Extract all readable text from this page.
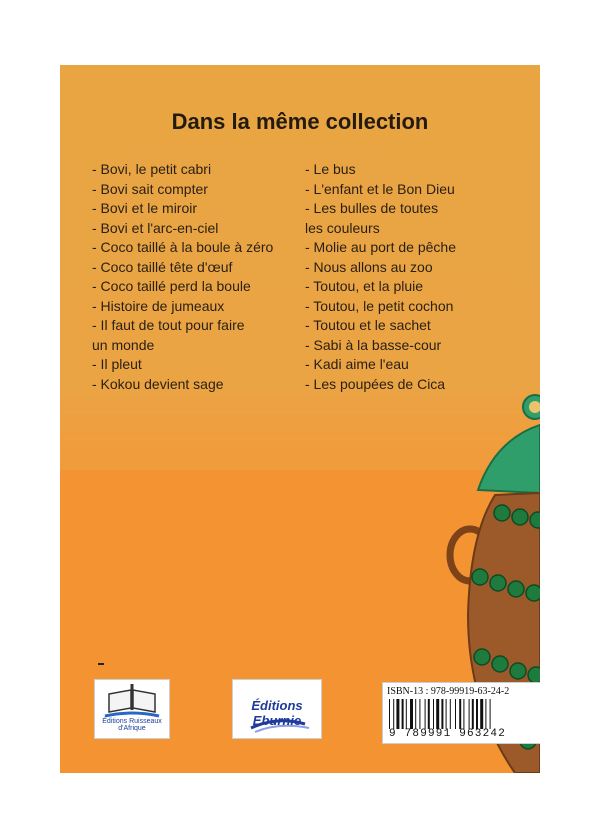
Dans la même collection
- Bovi, le petit cabri
- Bovi sait compter
- Bovi et le miroir
- Bovi et l'arc-en-ciel
- Coco taillé à la boule à zéro
- Coco taillé tête d'œuf
- Coco taillé perd la boule
- Histoire de jumeaux
- Il faut de tout pour faire
un monde
- Il pleut
- Kokou devient sage
- Le bus
- L'enfant et le Bon Dieu
- Les bulles de toutes
les couleurs
- Molie au port de pêche
- Nous allons au zoo
- Toutou, et la pluie
- Toutou, le petit cochon
- Toutou et le sachet
- Sabi à la basse-cour
- Kadi aime l'eau
- Les poupées de Cica
Éditions Ruisseaux d'Afrique
Éditions Eburnie
ISBN-13 : 978-99919-63-24-2
9 789991 963242
